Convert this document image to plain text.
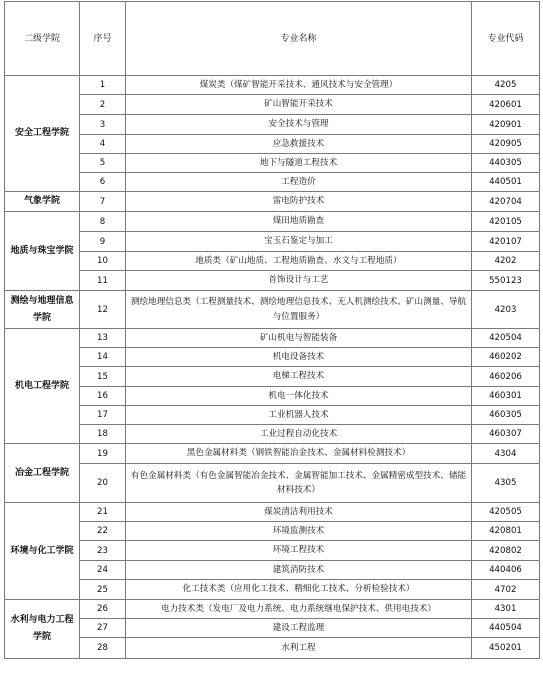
二级学院	序号	专业名称	专业代码
安全工程学院	1	煤炭类（煤矿智能开采技术、通风技术与安全管理）	4205
	2	矿山智能开采技术	420601
	3	安全技术与管理	420901
	4	应急救援技术	420905
	5	地下与隧道工程技术	440305
	6	工程造价	440501
气象学院	7	雷电防护技术	420704
地质与珠宝学院	8	煤田地质勘查	420105
	9	宝玉石鉴定与加工	420107
	10	地质类（矿山地质、工程地质勘查、水文与工程地质）	4202
	11	首饰设计与工艺	550123
测绘与地理信息学院	12	测绘地理信息类（工程测量技术、测绘地理信息技术、无人机测绘技术、矿山测量、导航与位置服务）	4203
机电工程学院	13	矿山机电与智能装备	420504
	14	机电设备技术	460202
	15	电梯工程技术	460206
	16	机电一体化技术	460301
	17	工业机器人技术	460305
	18	工业过程自动化技术	460307
冶金工程学院	19	黑色金属材料类（钢铁智能冶金技术、金属材料检测技术）	4304
	20	有色金属材料类（有色金属智能冶金技术、金属智能加工技术、金属精密成型技术、储能材料技术）	4305
环境与化工学院	21	煤炭清洁利用技术	420505
	22	环境监测技术	420801
	23	环境工程技术	420802
	24	建筑消防技术	440406
	25	化工技术类（应用化工技术、精细化工技术、分析检验技术）	4702
水利与电力工程学院	26	电力技术类（发电厂及电力系统、电力系统继电保护技术、供用电技术）	4301
	27	建设工程监理	440504
	28	水利工程	450201
